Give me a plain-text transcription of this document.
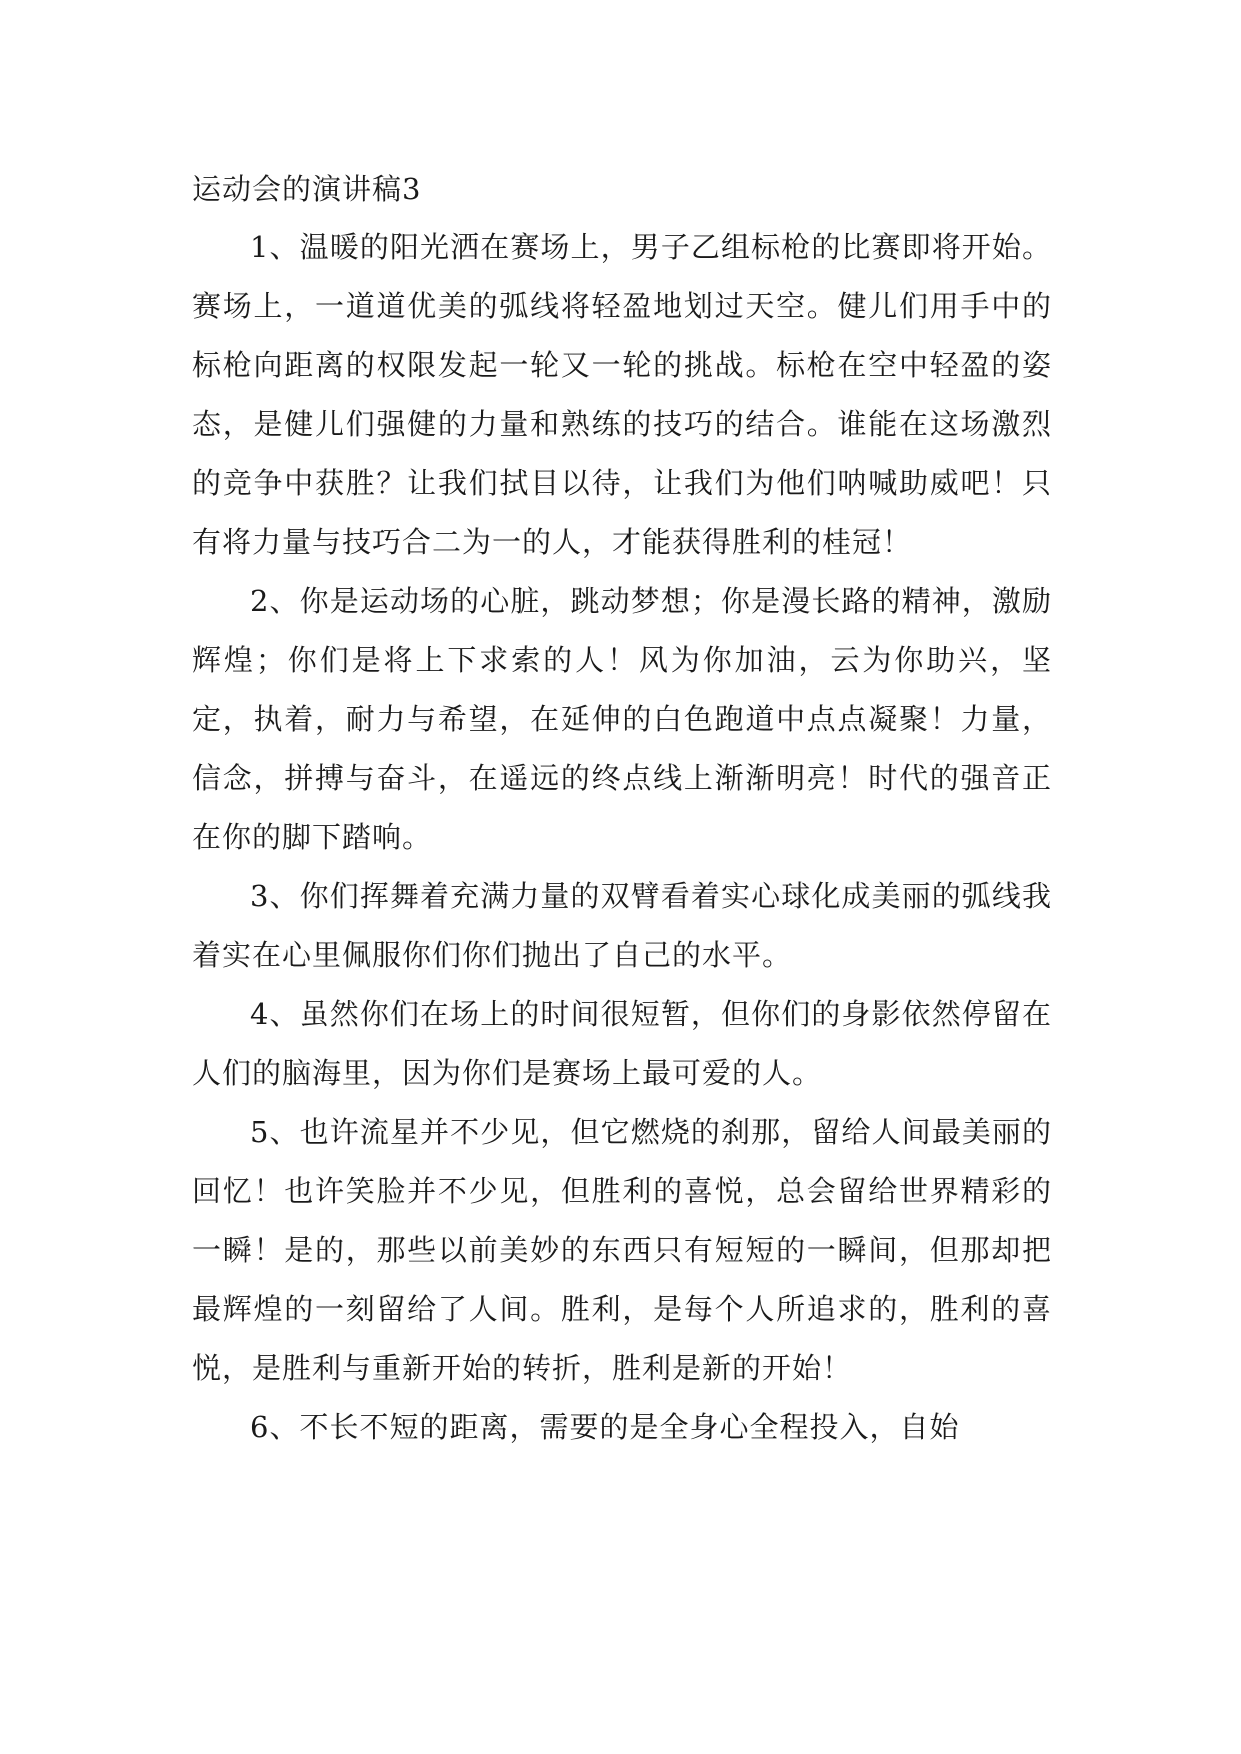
运动会的演讲稿3

1、温暖的阳光洒在赛场上，男子乙组标枪的比赛即将开始。赛场上，一道道优美的弧线将轻盈地划过天空。健儿们用手中的标枪向距离的权限发起一轮又一轮的挑战。标枪在空中轻盈的姿态，是健儿们强健的力量和熟练的技巧的结合。谁能在这场激烈的竞争中获胜？让我们拭目以待，让我们为他们呐喊助威吧！只有将力量与技巧合二为一的人，才能获得胜利的桂冠！

2、你是运动场的心脏，跳动梦想；你是漫长路的精神，激励辉煌；你们是将上下求索的人！风为你加油，云为你助兴，坚定，执着，耐力与希望，在延伸的白色跑道中点点凝聚！力量，信念，拼搏与奋斗，在遥远的终点线上渐渐明亮！时代的强音正在你的脚下踏响。

3、你们挥舞着充满力量的双臂看着实心球化成美丽的弧线我着实在心里佩服你们你们抛出了自己的水平。

4、虽然你们在场上的时间很短暂，但你们的身影依然停留在人们的脑海里，因为你们是赛场上最可爱的人。

5、也许流星并不少见，但它燃烧的刹那，留给人间最美丽的回忆！也许笑脸并不少见，但胜利的喜悦，总会留给世界精彩的一瞬！是的，那些以前美妙的东西只有短短的一瞬间，但那却把最辉煌的一刻留给了人间。胜利，是每个人所追求的，胜利的喜悦，是胜利与重新开始的转折，胜利是新的开始！

6、不长不短的距离，需要的是全身心全程投入，自始
